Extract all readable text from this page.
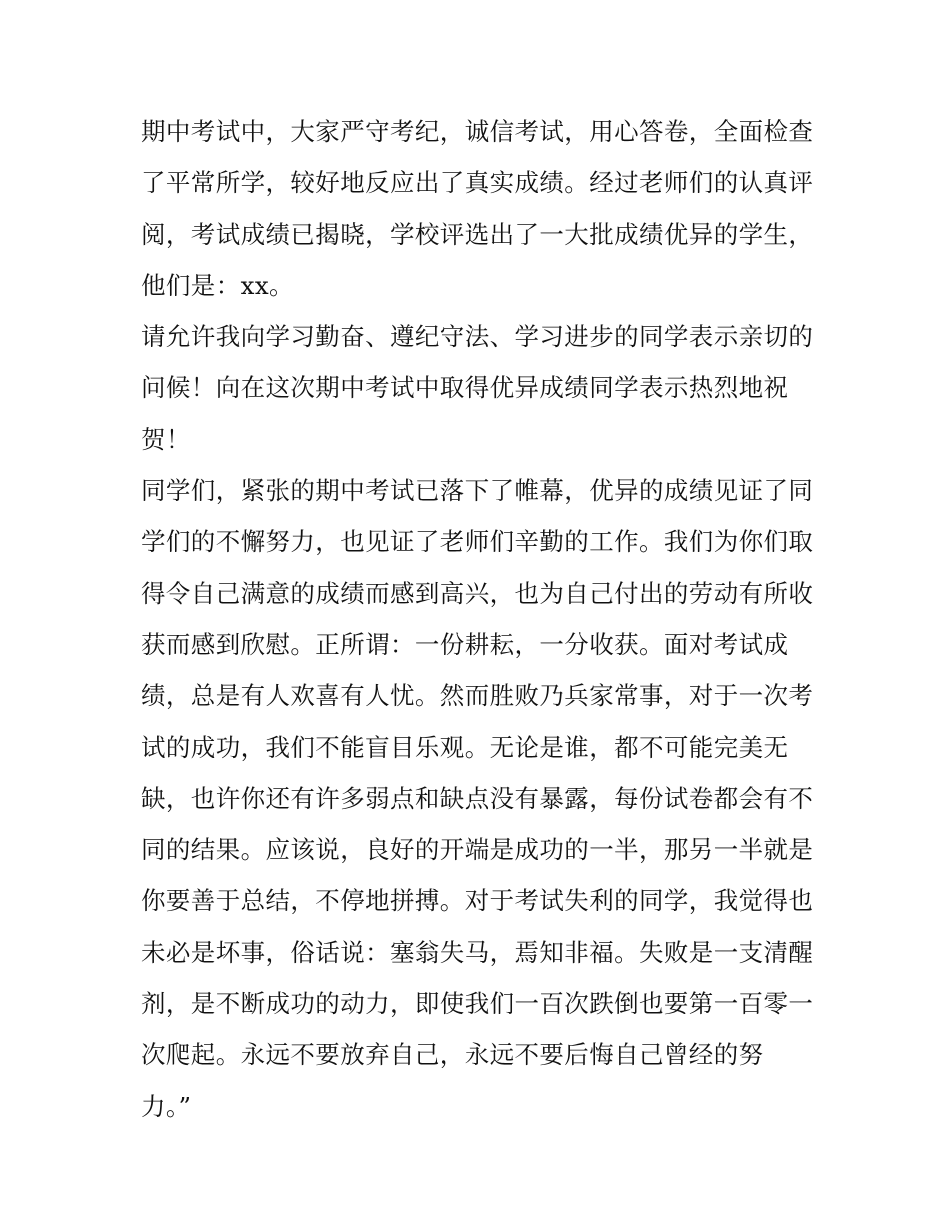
期中考试中，大家严守考纪，诚信考试，用心答卷，全面检查
了平常所学，较好地反应出了真实成绩。经过老师们的认真评
阅，考试成绩已揭晓，学校评选出了一大批成绩优异的学生，
他们是：xx。
请允许我向学习勤奋、遵纪守法、学习进步的同学表示亲切的
问候！向在这次期中考试中取得优异成绩同学表示热烈地祝
贺！
同学们，紧张的期中考试已落下了帷幕，优异的成绩见证了同
学们的不懈努力，也见证了老师们辛勤的工作。我们为你们取
得令自己满意的成绩而感到高兴，也为自己付出的劳动有所收
获而感到欣慰。正所谓：一份耕耘，一分收获。面对考试成
绩，总是有人欢喜有人忧。然而胜败乃兵家常事，对于一次考
试的成功，我们不能盲目乐观。无论是谁，都不可能完美无
缺，也许你还有许多弱点和缺点没有暴露，每份试卷都会有不
同的结果。应该说，良好的开端是成功的一半，那另一半就是
你要善于总结，不停地拼搏。对于考试失利的同学，我觉得也
未必是坏事，俗话说：塞翁失马，焉知非福。失败是一支清醒
剂，是不断成功的动力，即使我们一百次跌倒也要第一百零一
次爬起。永远不要放弃自己，永远不要后悔自己曾经的努
力。”
